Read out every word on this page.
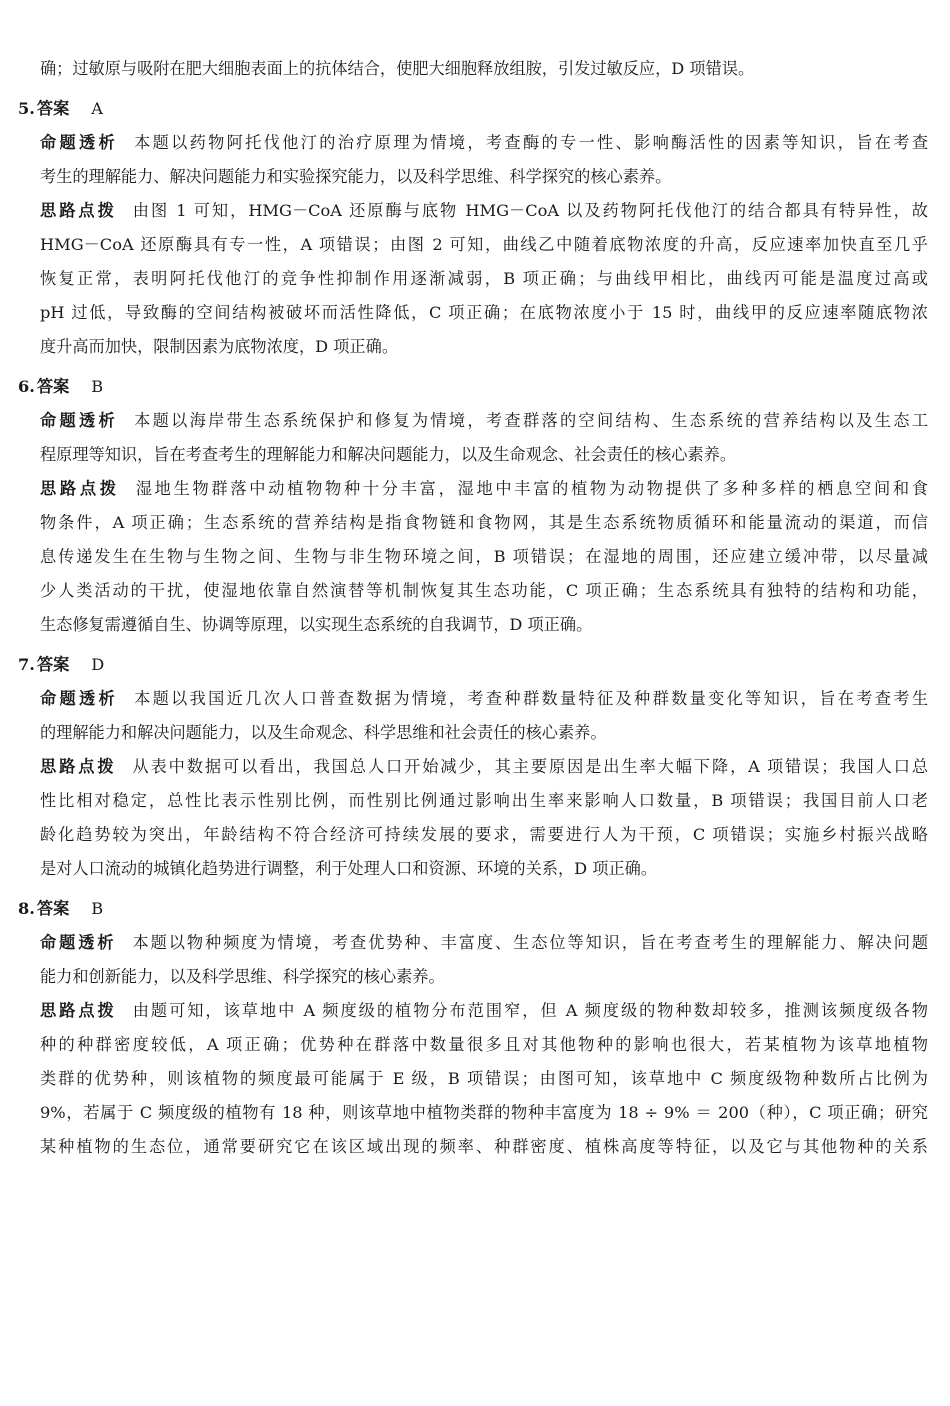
确；过敏原与吸附在肥大细胞表面上的抗体结合，使肥大细胞释放组胺，引发过敏反应，D 项错误。
5. 答案 A
命题透析 本题以药物阿托伐他汀的治疗原理为情境，考查酶的专一性、影响酶活性的因素等知识，旨在考查
考生的理解能力、解决问题能力和实验探究能力，以及科学思维、科学探究的核心素养。
思路点拨 由图 1 可知，HMG－CoA 还原酶与底物 HMG－CoA 以及药物阿托伐他汀的结合都具有特异性，故
HMG－CoA 还原酶具有专一性，A 项错误；由图 2 可知，曲线乙中随着底物浓度的升高，反应速率加快直至几乎
恢复正常，表明阿托伐他汀的竞争性抑制作用逐渐减弱，B 项正确；与曲线甲相比，曲线丙可能是温度过高或
pH 过低，导致酶的空间结构被破坏而活性降低，C 项正确；在底物浓度小于 15 时，曲线甲的反应速率随底物浓
度升高而加快，限制因素为底物浓度，D 项正确。
6. 答案 B
命题透析 本题以海岸带生态系统保护和修复为情境，考查群落的空间结构、生态系统的营养结构以及生态工
程原理等知识，旨在考查考生的理解能力和解决问题能力，以及生命观念、社会责任的核心素养。
思路点拨 湿地生物群落中动植物物种十分丰富，湿地中丰富的植物为动物提供了多种多样的栖息空间和食
物条件，A 项正确；生态系统的营养结构是指食物链和食物网，其是生态系统物质循环和能量流动的渠道，而信
息传递发生在生物与生物之间、生物与非生物环境之间，B 项错误；在湿地的周围，还应建立缓冲带，以尽量减
少人类活动的干扰，使湿地依靠自然演替等机制恢复其生态功能，C 项正确；生态系统具有独特的结构和功能，
生态修复需遵循自生、协调等原理，以实现生态系统的自我调节，D 项正确。
7. 答案 D
命题透析 本题以我国近几次人口普查数据为情境，考查种群数量特征及种群数量变化等知识，旨在考查考生
的理解能力和解决问题能力，以及生命观念、科学思维和社会责任的核心素养。
思路点拨 从表中数据可以看出，我国总人口开始减少，其主要原因是出生率大幅下降，A 项错误；我国人口总
性比相对稳定，总性比表示性别比例，而性别比例通过影响出生率来影响人口数量，B 项错误；我国目前人口老
龄化趋势较为突出，年龄结构不符合经济可持续发展的要求，需要进行人为干预，C 项错误；实施乡村振兴战略
是对人口流动的城镇化趋势进行调整，利于处理人口和资源、环境的关系，D 项正确。
8. 答案 B
命题透析 本题以物种频度为情境，考查优势种、丰富度、生态位等知识，旨在考查考生的理解能力、解决问题
能力和创新能力，以及科学思维、科学探究的核心素养。
思路点拨 由题可知，该草地中 A 频度级的植物分布范围窄，但 A 频度级的物种数却较多，推测该频度级各物
种的种群密度较低，A 项正确；优势种在群落中数量很多且对其他物种的影响也很大，若某植物为该草地植物
类群的优势种，则该植物的频度最可能属于 E 级，B 项错误；由图可知，该草地中 C 频度级物种数所占比例为
9%，若属于 C 频度级的植物有 18 种，则该草地中植物类群的物种丰富度为 18 ÷ 9% ＝ 200（种），C 项正确；研究
某种植物的生态位，通常要研究它在该区域出现的频率、种群密度、植株高度等特征，以及它与其他物种的关系
